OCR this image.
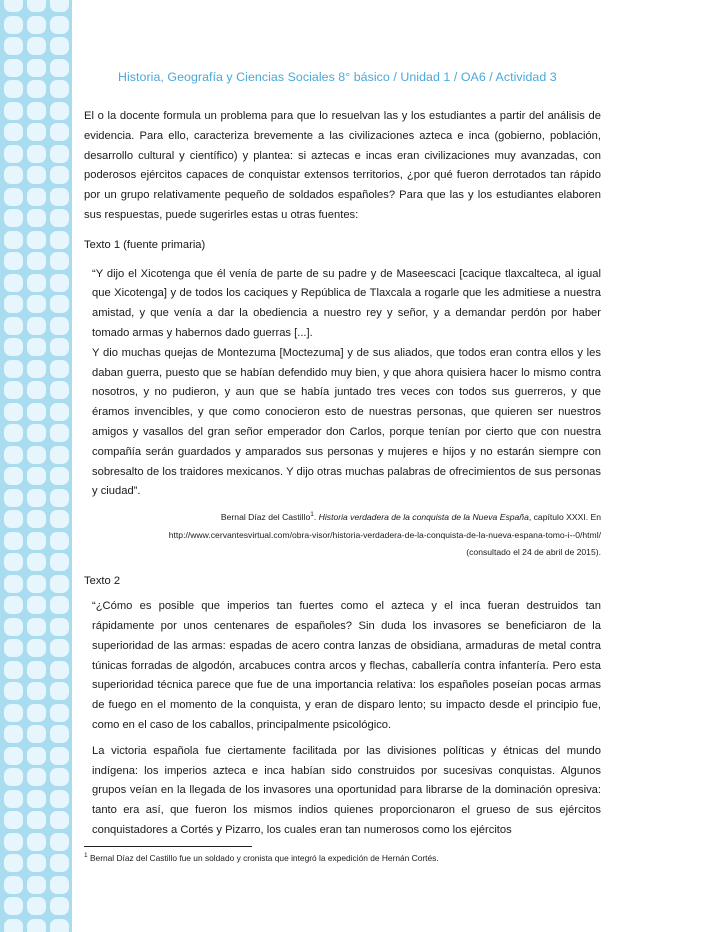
Historia, Geografía y Ciencias Sociales 8° básico / Unidad 1 / OA6 / Actividad 3

El o la docente formula un problema para que lo resuelvan las y los estudiantes a partir del análisis de evidencia. Para ello, caracteriza brevemente a las civilizaciones azteca e inca (gobierno, población, desarrollo cultural y científico) y plantea: si aztecas e incas eran civilizaciones muy avanzadas, con poderosos ejércitos capaces de conquistar extensos territorios, ¿por qué fueron derrotados tan rápido por un grupo relativamente pequeño de soldados españoles? Para que las y los estudiantes elaboren sus respuestas, puede sugerirles estas u otras fuentes:

Texto 1 (fuente primaria)

“Y dijo el Xicotenga que él venía de parte de su padre y de Maseescaci [cacique tlaxcalteca, al igual que Xicotenga] y de todos los caciques y República de Tlaxcala a rogarle que les admitiese a nuestra amistad, y que venía a dar la obediencia a nuestro rey y señor, y a demandar perdón por haber tomado armas y habernos dado guerras [...].

Y dio muchas quejas de Montezuma [Moctezuma] y de sus aliados, que todos eran contra ellos y les daban guerra, puesto que se habían defendido muy bien, y que ahora quisiera hacer lo mismo contra nosotros, y no pudieron, y aun que se había juntado tres veces con todos sus guerreros, y que éramos invencibles, y que como conocieron esto de nuestras personas, que quieren ser nuestros amigos y vasallos del gran señor emperador don Carlos, porque tenían por cierto que con nuestra compañía serán guardados y amparados sus personas y mujeres e hijos y no estarán siempre con sobresalto de los traidores mexicanos. Y dijo otras muchas palabras de ofrecimientos de sus personas y ciudad”.

Bernal Díaz del Castillo$^1$. Historia verdadera de la conquista de la Nueva España, capítulo XXXI. En
http://www.cervantesvirtual.com/obra-visor/historia-verdadera-de-la-conquista-de-la-nueva-espana-tomo-i--0/html/
(consultado el 24 de abril de 2015).

Texto 2

“¿Cómo es posible que imperios tan fuertes como el azteca y el inca fueran destruidos tan rápidamente por unos centenares de españoles? Sin duda los invasores se beneficiaron de la superioridad de las armas: espadas de acero contra lanzas de obsidiana, armaduras de metal contra túnicas forradas de algodón, arcabuces contra arcos y flechas, caballería contra infantería. Pero esta superioridad técnica parece que fue de una importancia relativa: los españoles poseían pocas armas de fuego en el momento de la conquista, y eran de disparo lento; su impacto desde el principio fue, como en el caso de los caballos, principalmente psicológico.

La victoria española fue ciertamente facilitada por las divisiones políticas y étnicas del mundo indígena: los imperios azteca e inca habían sido construidos por sucesivas conquistas. Algunos grupos veían en la llegada de los invasores una oportunidad para librarse de la dominación opresiva: tanto era así, que fueron los mismos indios quienes proporcionaron el grueso de sus ejércitos conquistadores a Cortés y Pizarro, los cuales eran tan numerosos como los ejércitos

$^1$ Bernal Díaz del Castillo fue un soldado y cronista que integró la expedición de Hernán Cortés.
